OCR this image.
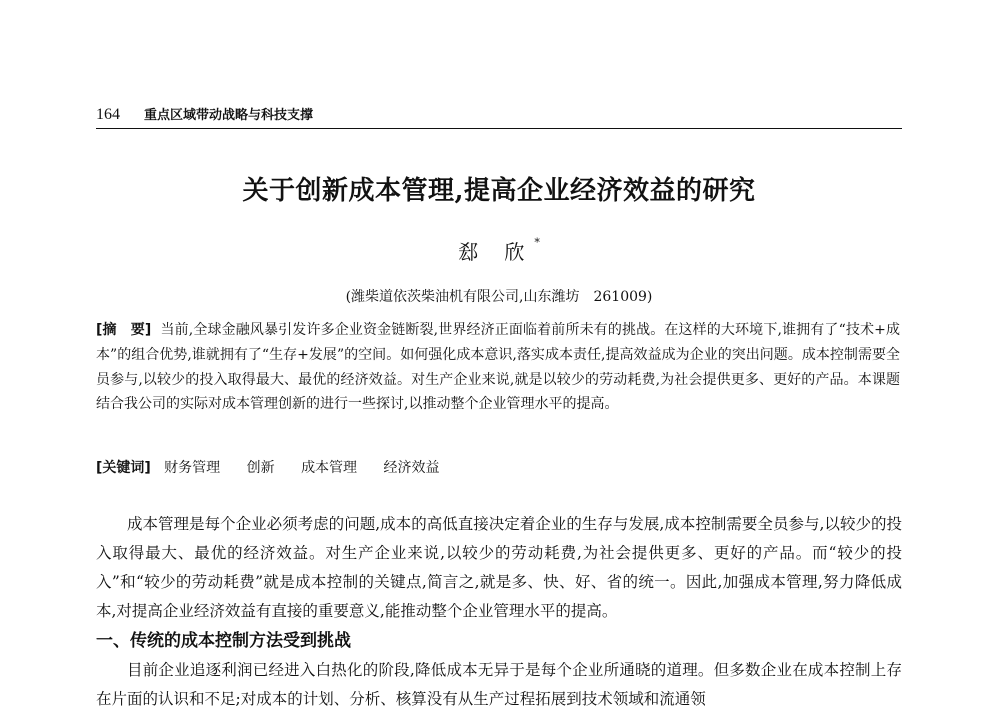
164 重点区域带动战略与科技支撑
关于创新成本管理,提高企业经济效益的研究
郄 欣*
(潍柴道依茨柴油机有限公司,山东潍坊　261009)
[摘　要] 当前,全球金融风暴引发许多企业资金链断裂,世界经济正面临着前所未有的挑战。在这样的大环境下,谁拥有了“技术+成本”的组合优势,谁就拥有了“生存+发展”的空间。如何强化成本意识,落实成本责任,提高效益成为企业的突出问题。成本控制需要全员参与,以较少的投入取得最大、最优的经济效益。对生产企业来说,就是以较少的劳动耗费,为社会提供更多、更好的产品。本课题结合我公司的实际对成本管理创新的进行一些探讨,以推动整个企业管理水平的提高。
[关键词] 财务管理 创新 成本管理 经济效益
成本管理是每个企业必须考虑的问题,成本的高低直接决定着企业的生存与发展,成本控制需要全员参与,以较少的投入取得最大、最优的经济效益。对生产企业来说,以较少的劳动耗费,为社会提供更多、更好的产品。而“较少的投入”和“较少的劳动耗费”就是成本控制的关键点,简言之,就是多、快、好、省的统一。因此,加强成本管理,努力降低成本,对提高企业经济效益有直接的重要意义,能推动整个企业管理水平的提高。
一、传统的成本控制方法受到挑战
目前企业追逐利润已经进入白热化的阶段,降低成本无异于是每个企业所通晓的道理。但多数企业在成本控制上存在片面的认识和不足;对成本的计划、分析、核算没有从生产过程拓展到技术领域和流通领
